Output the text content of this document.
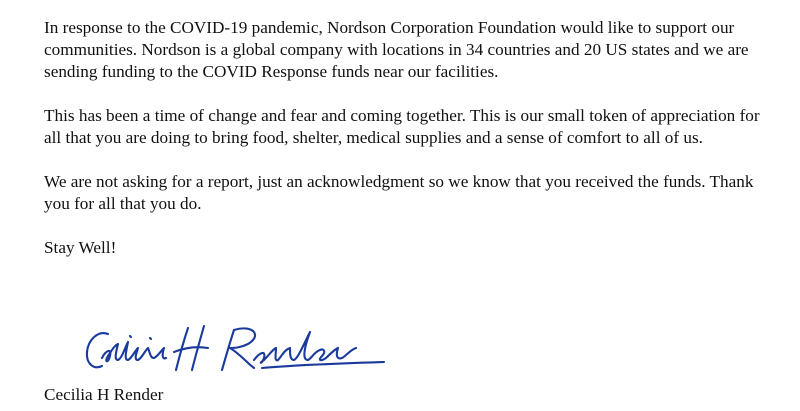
In response to the COVID-19 pandemic, Nordson Corporation Foundation would like to support our communities. Nordson is a global company with locations in 34 countries and 20 US states and we are sending funding to the COVID Response funds near our facilities.

This has been a time of change and fear and coming together. This is our small token of appreciation for all that you are doing to bring food, shelter, medical supplies and a sense of comfort to all of us.

We are not asking for a report, just an acknowledgment so we know that you received the funds. Thank you for all that you do.

Stay Well!

Cecilia H Render
